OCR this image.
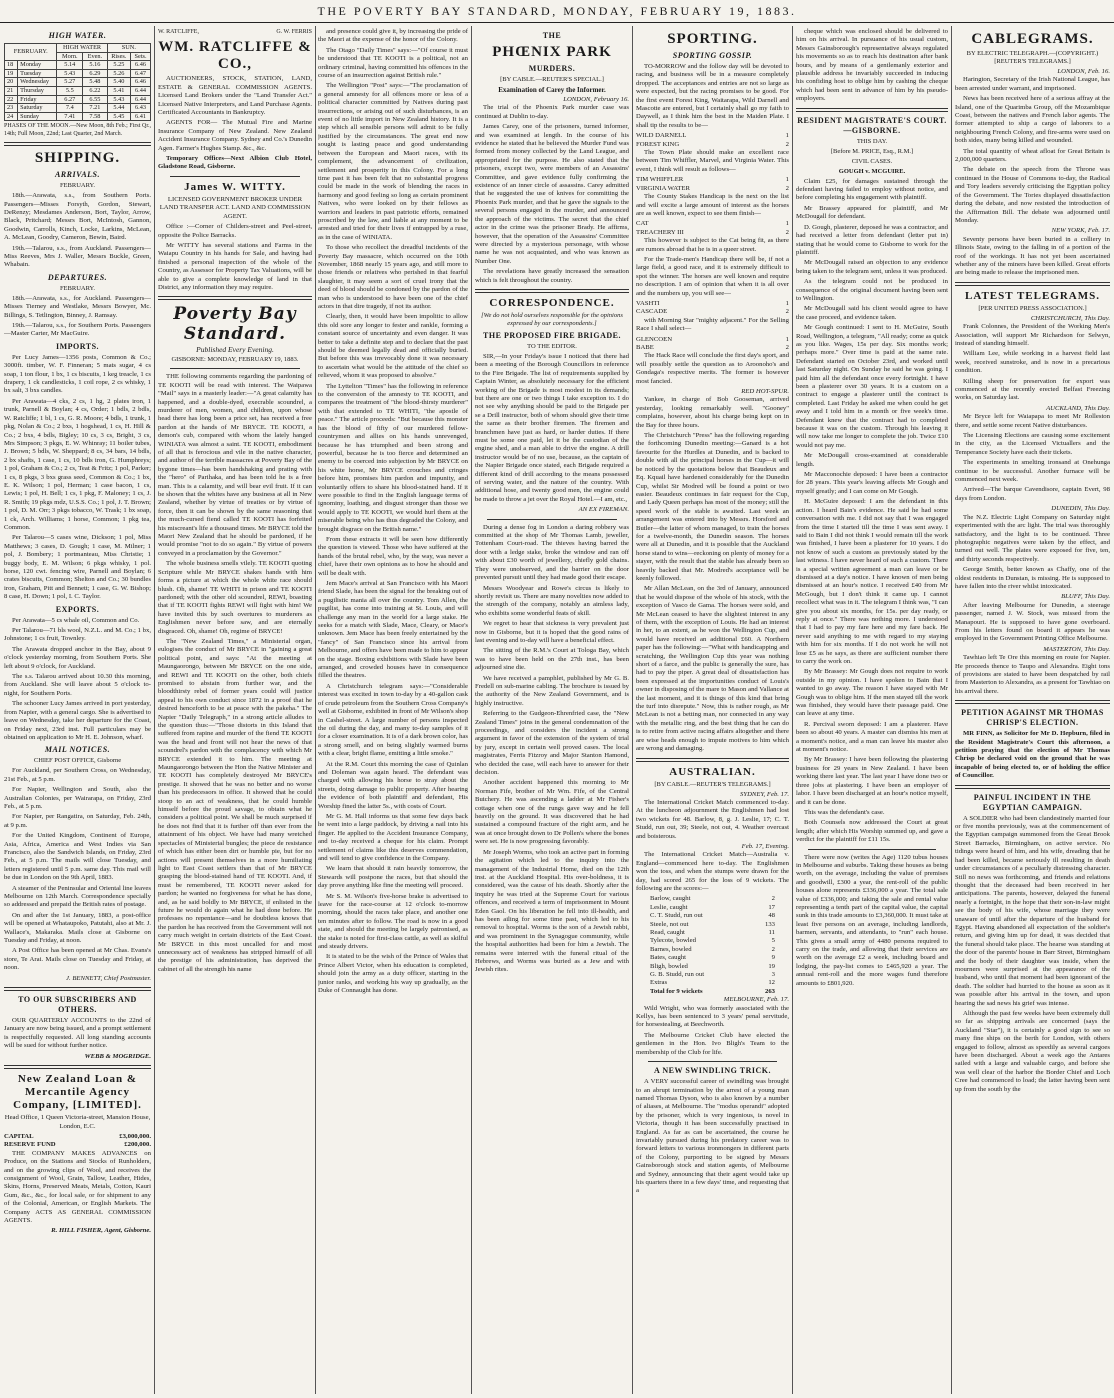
THE POVERTY BAY STANDARD, MONDAY, FEBRUARY 19, 1883.
HIGH WATER.
FEBRUARY.		HIGH WATER		SUN.	
		Morn.	Even.	Rises.	Sets.
18	Monday	5.14	5.16	5.25	6.46
19	Tuesday	5.43	6.29	5.26	6.47
20	Wednesday	5.27	5.48	5.40	6.46
21	Thursday	5.5	6.22	5.41	6.44
22	Friday	6.27	6.55	5.43	6.44
23	Saturday	7.4	7.21	5.44	6.43
24	Sunday	7.41	7.58	5.45	6.41

PHASES OF THE MOON.—New Moon, 8th Feb.; First Qr., 14th; Full Moon, 22nd; Last Quarter, 2nd March.

SHIPPING.
ARRIVALS.
FEBRUARY.

18th.—Arawata, s.s., from Southern Ports. Passengers—Misses Forsyth, Gordon, Stewart, DeRenzy; Mesdames Anderson, Bort, Taylor, Arrow, Black, Pritchard; Messrs Bort, McIntosh, Gannon, Goodwin, Carrolls, Kinch, Locke, Larkins, McLean, A. McLean, Goodry, Cameron, Bewin, Baird.

19th.—Talarou, s.s., from Auckland. Passengers—Miss Reeves, Mrs J. Waller, Messrs Buckle, Green, Whabain.

DEPARTURES.
FEBRUARY.

18th.—Arawata, s.s., for Auckland. Passengers—Misses Tierney and Westlake, Messrs Bowyer, Mc. Billings, S. Tetlington, Binney, J. Ramsay.

19th.—Talarou, s.s., for Southern Ports. Passengers—Master Carter, Mr MacGuire.

IMPORTS.

Per Lucy James—1356 posts, Common & Co.; 3000ft. timber, W. F. Finneran; 5 mats sugar, 4 cs soap, 1 ton flour, 1 bx, 1 cs biscuits, 1 keg treacle, 1 cs drapery, 1 ck candlesticks, 1 coil rope, 2 cs whisky, 1 bx salt, 3 bxs candles.

Per Arawata—4 cks, 2 cs, 1 hg, 2 plates iron, 1 trunk, Parnell & Boylan; 4 cs, Order; 1 bdls, 2 bdls, W. Ratcliffe; 1 bl, 1 cs, G. R. Moore; 4 bdls, 1 trunk, 1 pkg, Nolan & Co.; 2 bxs, 1 hogshead, 1 cs, H. Hill & Co.; 2 bxs, 4 bdls, Bigley; 10 cs, 3 cs, Bright, 3 cs, Mrs Simpson; 3 pkgs, E. W. Whinray; 11 boiler tubes, J. Brown; 5 bdls, W. Sheppard; 8 cs, 34 bars, 14 bdls, 2 bx shafts, 1 case, 1 cs, 10 bdls iron, G. Humphreys; 1 pol, Graham & Co.; 2 cs, Teat & Fritz; 1 pol, Parker; 1 cs, 8 pkgs, 3 bxs grass seed, Common & Co.; 1 bx, E. K. Wilson; 1 pol, Herman; 1 case bacon, 1 cs, Lewis; 1 pol, H. Bell; 1 cs, 1 pkg, F. Maloney; 1 cs, J. R. Smith; 19 pkgs mdz, U.S.S. Co.; 1 pol, J. T. Brown; 1 pol, D. M. Orr; 3 pkgs tobacco, W. Trask; 1 bx soap, 1 ck, Arch. Williams; 1 horse, Common; 1 pkg tea, Common.

Per Talarou—5 cases wine, Dickson; 1 pol, Miss Matthews; 3 cases, D. Gough; 1 case, M. Milner; 1 pol, J. Bombery; 1 portmanteau, Miss Christie; 1 buggy body, E. M. Wilson; 6 pkgs whisky, 1 pol. horse, 120 cwt. fencing wire, Parnell and Boylan; 6 crates biscuits, Common; Shelton and Co.; 30 bundles iron, Graham, Pitt and Bennett; 1 case, G. W. Bishop; 8 case, H. Down; 1 pol, I. C. Taylor.

EXPORTS.

Per Arawata—5 cs whale oil, Common and Co.

Per Talarou—71 bls wool, N.Z.L. and M. Co.; 1 bx, Johnstone; 1 cs fruit, Townley.

The Arawata dropped anchor in the Bay, about 9 o'clock yesterday morning, from Southern Ports. She left about 9 o'clock, for Auckland.

The s.s. Talarou arrived about 10.30 this morning, from Auckland. She will leave about 5 o'clock to-night, for Southern Ports.

The schooner Lucy James arrived in port yesterday, from Napier, with a general cargo. She is advertised to leave on Wednesday, take her departure for the Coast, on Friday next, 23rd inst. Full particulars may be obtained on application to Mr H. E. Johnson, wharf.

MAIL NOTICES.
CHIEF POST OFFICE, Gisborne

For Auckland, per Southern Cross, on Wednesday, 21st Feb., at 5 p.m.

For Napier, Wellington and South, also the Australian Colonies, per Wairarapa, on Friday, 23rd Feb., at 5 p.m.

For Napier, per Rangatira, on Saturday, Feb. 24th, at 9 p.m.

For the United Kingdom, Continent of Europe, Asia, Africa, America and West Indies via San Francisco, also the Sandwich Islands, on Friday, 23rd Feb., at 5 p.m. The mails will close Tuesday, and letters registered until 5 p.m. same day. This mail will be due in London on the 9th April, 1883.

A steamer of the Peninsular and Oriental line leaves Melbourne on 12th March. Correspondence specially so addressed and prepaid the British rates of postage.

On and after the 1st January, 1883, a post-office will be opened at Whataupoko, Patutahi, also at Mr. J. Wallace's, Makaraka. Mails close at Gisborne on Tuesday and Friday, at noon.

A Post Office has been opened at Mr Chas. Evans's store, Te Arai. Mails close on Tuesday and Friday, at noon.

J. BENNETT, Chief Postmaster.
TO OUR SUBSCRIBERS AND OTHERS.

OUR QUARTERLY ACCOUNTS to the 22nd of January are now being issued, and a prompt settlement is respectfully requested. All long standing accounts will be sued for without further notice.

WEBB & MOGRIDGE.
New Zealand Loan & Mercantile Agency Company, [LIMITED].

Head Office, 1 Queen Victoria-street, Mansion House, London, E.C.

CAPITAL	£3,000,000.
RESERVE FUND	£200,000.

THE COMPANY MAKES ADVANCES on Produce, on the Stations and Stocks of Runholders, and on the growing clips of Wool, and receives the consignment of Wool, Grain, Tallow, Leather, Hides, Skins, Horns, Preserved Meats, Metals, Cotton, Kauri Gum, &c., &c., for local sale, or for shipment to any of the Colonial, American, or English Markets. The Company ACTS AS GENERAL COMMISSION AGENTS.

R. HILL FISHER, Agent, Gisborne.
W. RATCLIFFE,	G. W. FERRIS
WM. RATCLIFFE & CO.,

AUCTIONEERS, STOCK, STATION, LAND, ESTATE & GENERAL COMMISSION AGENTS. Licensed Land Brokers under the "Land Transfer Act." Licensed Native Interpreters, and Land Purchase Agents. Certificated Accountants in Bankruptcy.

AGENTS FOR— The Mutual Fire and Marine Insurance Company of New Zealand. New Zealand Accident Insurance Company. Sydney and Co.'s Dunedin Agen. Farmer's Hughes Stamp. &c., &c.

Temporary Offices—Next Albion Club Hotel, Gladstone Road, Gisborne.

James W. WITTY.

LICENSED GOVERNMENT BROKER UNDER LAND TRANSFER ACT. LAND AND COMMISSION AGENT.

Office :—Corner of Childers-street and Peel-street, opposite the Police Barracks.

Mr WITTY has several stations and Farms in the Waiapu Country in his hands for Sale, and having had finished a personal inspection of the whole of the Country, as Assessor for Property Tax Valuations, will be able to give a complete knowledge of land in that District, any information they may require.

Poverty Bay Standard.
Published Every Evening.
GISBORNE: MONDAY, FEBRUARY 19, 1883.

THE following comments regarding the pardoning of TE KOOTI will be read with interest. The Waipawa "Mail" says in a masterly leader:—"A great calamity has happened, and a double-dyed, execrable scoundrel, a murderer of men, women, and children, upon whose head there has long been a price set, has received a free pardon at the hands of Mr BRYCE. TE KOOTI, a demon's cub, compared with whom the lately hanged WINIATA was almost a saint. TE KOOTI, embodiment of all that is ferocious and vile in the native character, and author of the terrible massacres at Poverty Bay of the bygone times—has been handshaking and prating with the "hero" of Parihaka, and has been told he is a free man. This is a calamity, and will bear evil fruit. If it can be shown that the whites have any business at all in New Zealand, whether by virtue of treaties or by virtue of force, then it can be shown by the same reasoning that the much-cursed fiend called TE KOOTI has forfeited his miscreant's life a thousand times. Mr BRYCE told the Maori New Zealand that he should be pardoned, if he would promise "not to do so again." By virtue of powers conveyed in a proclamation by the Governor."

The whole business smells vilely. TE KOOTI quoting Scripture while Mr BRYCE shakes hands with him forms a picture at which the whole white race should blush. Oh, shame! TE WHITI in prison and TE KOOTI pardoned; with the other old scoundrel, REWI, boasting that if TE KOOTI fights REWI will fight with him! We have invited this by such overtures to murderers as Englishmen never before saw, and are eternally disgraced. Oh, shame! Oh, regime of BRYCE!

The "New Zealand Times," a Ministerial organ, eulogises the conduct of Mr BRYCE in "gaining a great political point, and says: "At the meeting at Maungaorongo, between Mr BRYCE on the one side, and REWI and TE KOOTI on the other, both chiefs promised to abstain from further war, and the bloodthirsty rebel of former years could will justice appeal to his own conduct since 1872 in a proof that he desired henceforth to be at peace with the pakeha." The Napier "Daily Telegraph," in a strong article alludes to the question thus:—"Those distorts in this Island that suffered from rapine and murder of the fiend TE KOOTI was the head and front will not hear the news of that scoundrel's pardon with the complacency with which Mr BRYCE extended it to him. The meeting at Maungaorongo between the Hon the Native Minister and TE KOOTI has completely destroyed Mr BRYCE's prestige. It showed that he was no better and no worse than his predecessors in office. It showed that he could stoop to an act of weakness, that he could humble himself before the proud savage, to obtain what he considers a political point. We shall be much surprised if he does not find that it is further off than ever from the attainment of his object. We have had many wretched spectacles of Ministerial bungles; the piece de resistance of which has either been dirt or humble pie, but for no actions will present themselves in a more humiliating light to East Coast settlers than that of Mr BRYCE grasping the blood-stained hand of TE KOOTI. And, if must be remembered, TE KOOTI never asked for pardon; he wanted no forgiveness for what he has done, and, as he said boldly to Mr BRYCE, if enlisted in the future he would do again what he had done before. He professes no repentance—and he doubtless knows that the pardon he has received from the Government will not carry much weight in certain districts of the East Coast. Mr BRYCE in this most uncalled for and most unnecessary act of weakness has stripped himself of all the prestige of his administration, has deprived the cabinet of all the strength his name

and presence could give it, by increasing the pride of the Maori at the expense of the honor of the Colony.

The Otago "Daily Times" says:—"Of course it must be understood that TE KOOTI is a political, not an ordinary criminal, having committed his offences in the course of an insurrection against British rule."

The Wellington "Post" says:—"The proclamation of a general amnesty for all offences more or less of a political character committed by Natives during past insurrections, or arising out of such disturbances, is an event of no little import in New Zealand history. It is a step which all sensible persons will admit to be fully justified by the circumstances. The great end now sought is lasting peace and good understanding between the European and Maori races, with its complement, the advancement of civilization, settlement and prosperity in this Colony. For a long time past it has been felt that no substantial progress could be made in the work of blending the races in harmony and good feeling so long as certain prominent Natives, who were looked on by their fellows as warriors and leaders in past patriotic efforts, remained proscribed by the law, and liable at any moment to be arrested and tried for their lives if entrapped by a ruse, as in the case of WINIATA.

To those who recollect the dreadful incidents of the Poverty Bay massacre, which occurred on the 10th November, 1868 nearly 15 years ago, and still more to those friends or relatives who perished in that fearful slaughter, it may seem a sort of cruel irony that the deed of blood should be condoned by the pardon of the man who is understood to have been one of the chief actors in that dire tragedy, if not its author.

Clearly, then, it would have been impolitic to allow this old sore any longer to fester and rankle, forming a constant source of uncertainty and even danger. It was better to take a definite step and to declare that the past should be deemed legally dead and officially buried. But before this was irrevocably done it was necessary to ascertain what would be the attitude of the chief so relieved, whom it was proposed to absolve."

The Lyttelton "Times" has the following in reference to the conversion of the amnesty to TE KOOTI, and compares the treatment of "the blood-thirsty murderer" with that extended to TE WHITI, "the apostle of peace." The article proceeds: "But because this monster has the blood of fifty of our murdered fellow-countrymen and allies on his hands unrevenged, because he has triumphed and been strong and powerful, because he is too fierce and determined an enemy to be coerced into subjection by Mr BRYCE on his white horse, Mr BRYCE crouches and cringes before him, promises him pardon and impunity, and voluntarily offers to share his blood-stained hand. If it were possible to find in the English language terms of ignominy, loathing, and disgust stronger than those we would apply to TE KOOTI, we would hurl them at the miserable being who has thus degraded the Colony, and brought disgrace on the British name."

From these extracts it will be seen how differently the question is viewed. Those who have suffered at the hands of the brutal rebel, who, by the way, was never a chief, have their own opinions as to how he should and will be dealt with.

Jem Mace's arrival at San Francisco with his Maori friend Slade, has been the signal for the breaking out of a pugilistic mania all over the country. Tom Allen, the pugilist, has come into training at St. Louis, and will challenge any man in the world for a large stake. He seeks for a match with Slade, Mace, Cleary, or Mace's unknown. Jem Mace has been freely entertained by the "fancy" of San Francisco since his arrival from Melbourne, and offers have been made to him to appear on the stage. Boxing exhibitions with Slade have been arranged, and crowded houses have in consequence filled the theatres.

A Christchurch telegram says:—"Considerable interest was excited in town to-day by a 40-gallon cask of crude petroleum from the Southern Cross Company's well at Gisborne, exhibited in front of Mr Wilson's shop in Cashel-street. A large number of persons inspected the oil during the day, and many to-day samples of it for a closer examination. It is of a dark brown color, has a strong smell, and on being slightly warmed burns with a clear, bright flame, emitting a little smoke."

At the R.M. Court this morning the case of Quinlan and Doleman was again heard. The defendant was charged with allowing his horse to stray about the streets, doing damage to public property. After hearing the evidence of both plaintiff and defendant, His Worship fined the latter 5s., with costs of Court.

Mr G. M. Hall informs us that some few days back he went into a large paddock, by driving a nail into his finger. He applied to the Accident Insurance Company, and to-day received a cheque for his claim. Prompt settlement of claims like this deserves commendation, and will tend to give confidence in the Company.

We learn that should it rain heavily tomorrow, the Stewards will postpone the races, but that should the day prove anything like fine the meeting will proceed.

Mr S. M. Wilson's five-horse brake is advertised to leave for the race-course at 12 o'clock to-morrow morning, should the races take place, and another one ten minutes after to follow. The road is now in a good state, and should the meeting be largely patronised, as the stake is noted for first-class cattle, as well as skilful and steady drivers.

It is stated to be the wish of the Prince of Wales that Prince Albert Victor, when his education is completed, should join the army as a duty officer, starting in the junior ranks, and working his way up gradually, as the Duke of Connaught has done.

THE
PHŒNIX PARK
MURDERS.
[BY CABLE.—REUTER'S SPECIAL.]
Examination of Carey the Informer.
LONDON, February 16.

The trial of the Phoenix Park murder case was continued at Dublin to-day.

James Carey, one of the prisoners, turned informer, and was examined at length. In the course of his evidence he stated that he believed the Murder Fund was formed from money collected by the Land League, and appropriated for the purpose. He also stated that the prisoners, except two, were members of an Assassins' Committee, and gave evidence fully confirming the existence of an inner circle of assassins. Carey admitted that he suggested the use of knives for committing the Phoenix Park murder, and that he gave the signals to the several persons engaged in the murder, and announced the approach of the victims. The secret that the chief actor in the crime was the prisoner Brady. He affirms, however, that the operation of the Assassins' Committee were directed by a mysterious personage, with whose name he was not acquainted, and who was known as Number One.

The revelations have greatly increased the sensation which is felt throughout the country.

CORRESPONDENCE.
[We do not hold ourselves responsible for the opinions expressed by our correspondents.]
THE PROPOSED FIRE BRIGADE.
TO THE EDITOR.

SIR,—In your Friday's issue I noticed that there had been a meeting of the Borough Councillors in reference to the Fire Brigade. The list of requirements supplied by Captain Winter, as absolutely necessary for the efficient working of the Brigade is most modest in its demands; but there are one or two things I take exception to. I do not see why anything should be paid to the Brigade per se a Drill instructor, both of whom should give their time the same as their brother firemen. The firemen and branchmen have just as hard, or harder duties. If there must be some one paid, let it be the custodian of the engine shed, and a man able to drive the engine. A drill instructor would be of no use, because, as the captain of the Napier Brigade once stated, each Brigade required a different kind of drill according to the means possessed of serving water, and the nature of the country. With additional hose, and twenty good men, the engine could be made to throw a jet over the Royal Hotel.—I am, etc.,

AN EX FIREMAN.

During a dense fog in London a daring robbery was committed at the shop of Mr Thomas Lamb, jeweller, Tottenham Court-road. The thieves having barred the door with a ledge stake, broke the window and ran off with about £30 worth of jewellery, chiefly gold chains. They were unobserved, and the barrier on the door prevented pursuit until they had made good their escape.

Messrs Woodyear and Rowe's circus is likely to shortly revisit us. There are many novelties now added to the strength of the company, notably an aimless lady, who exhibits some wonderful feats of skill.

We regret to hear that sickness is very prevalent just now in Gisborne, but it is hoped that the good rains of last evening and to-day will have a beneficial effect.

The sitting of the R.M.'s Court at Tologa Bay, which was to have been held on the 27th inst., has been adjourned sine die.

We have received a pamphlet, published by Mr G. B. Fredell on sub-marine cabling. The brochure is issued by the authority of the New Zealand Government, and is highly instructive.

Referring to the Gudgeon-Ehrenfried case, the "New Zealand Times" joins in the general condemnation of the proceedings, and considers the incident a strong argument in favor of the extension of the system of trial by jury, except in certain well proved cases. The local magistrates, Ferris Fitzroy and Major Stanton Hamond, who decided the case, will each have to answer for their decision.

Another accident happened this morning to Mr Norman Fife, brother of Mr Wm. Fife, of the Central Butchery. He was ascending a ladder at Mr Fisher's cottage when one of the rungs gave way and he fell heavily on the ground. It was discovered that he had sustained a compound fracture of the right arm, and he was at once brought down to Dr Pollen's where the bones were set. He is now progressing favorably.

Mr Joseph Worms, who took an active part in forming the agitation which led to the inquiry into the management of the Industrial Home, died on the 12th inst. at the Auckland Hospital. His over-boldness, it is considered, was the cause of his death. Shortly after the inquiry he was tried at the Supreme Court for various offences, and received a term of imprisonment in Mount Eden Gaol. On his liberation he fell into ill-health, and has been ailing for some time past, which led to his removal to hospital. Worms is the son of a Jewish rabbi, and was prominent in the Synagogue community, while the hospital authorities had been for him a Jewish. The remains were interred with the funeral ritual of the Hebrews, and Worms was buried as a Jew and with Jewish rites.

SPORTING.
SPORTING GOSSIP.

TO-MORROW and the follow day will be devoted to racing, and business will be in a measure completely dropped. The acceptances and entries are not so large as were expected, but the racing promises to be good. For the first event Forest King, Waitarapa, Wild Darnell and Mascotte are entered, but I certainly shall go my faith to Daywell, as I think him the best in the Maiden Plate. I shall tip the results to be—

WILD DARNELL	1
FOREST KING	2

The Town Plate should make an excellent race between Tim Whiffler, Marvel, and Virginia Water. This event, I think will result as follows—

TIM WHIFFLER	1
VIRGINIA WATER	2

The County Stakes Handicap is the next on the list and will excite a large amount of interest as the horses are as well known, expect to see them finish—

CAT	1
TREACHERY III	2

This however is subject to the Cat being fit, as there are rumors abroad that he is in a queer street.

For the Trade-men's Handicap there will be, if not a large field, a good race, and it is extremely difficult to spot the winner. The horses are well known and require no description. I am of opinion that when it is all over and the numbers up, you will see—

VASHTI	1
CASCADE	2

with Morning Star "mighty adjacent." For the Selling Race I shall select—

GLENCOEN	1
BABE	2

The Hack Race will conclude the first day's sport, and will possibly settle the question as to Aroonoho's and Gondaga's respective merits. The former is however most fancied.

RED HOT-SPUR.

Yankee, in charge of Bob Gooseman, arrived yesterday, looking remarkably well. "Gooney" complains, however, about his charge being kept on in the Bay for three hours.

The Christchurch "Press" has the following regarding the forthcoming Dunedin meeting:—Ganard is a hot favourite for the Hurdles at Dunedin, and is backed to double with all the principal horses in the Cup—it will be noticed by the quotations below that Beaudeux and Eq. Kquail have hardened considerably for the Dunedin Cup, whilst Sir Modred will be found a point or two easier. Beaudeux continues in fair request for the Cup, and Lady Queen perhaps has most of the money; still the speed work of the stable is awaited. Last week an arrangement was entered into by Messrs. Horsford and Butler—the latter of whom managed, to train the horses for a twelve-month, the Dunedin season. The horses were all at Dunedin, and it is possible that the Auckland horse stand to wins—reckoning on plenty of money for a stayer, with the result that the stable has already been so heavily backed that Mr. Modred's acceptance will be keenly followed.

Mr Allan McLean, on the 3rd of January, announced that he would dispose of the whole of his stock, with the exception of Vasco de Gama. The horses were sold, and Mr McLean ceased to have the slightest interest in any of them, with the exception of Louis. He had an interest in her, to an extent, as he won the Wellington Cup, and would have received an additional £60. A Northern paper has the following:—"What with handicapping and scratching, the Wellington Cup this year was nothing short of a farce, and the public is generally the sure, has had to pay the piper. A great deal of dissatisfaction has been expressed at the importunities conduct of Louis's owner in disposing of the mare to Mason and Vallance at the last moment, and it is things of this kind that bring the turf into disrepute." Now, this is rather rough, as Mr McLean is not a betting man, nor connected in any way with the metallic ring, and the best thing that he can do is to retire from active racing affairs altogether and there are wise heads enough to impute motives to him which are wrong and damaging.

AUSTRALIAN.
[BY CABLE.—REUTER'S TELEGRAMS.]
SYDNEY, Feb. 17.

The International Cricket Match commenced to-day. At the luncheon adjournment the Englishmen had lost two wickets for 48. Barlow, 8, g. J. Leslie, 17; C. T. Studd, run out, 39; Steele, not out, 4. Weather overcast and boisterous.

Feb. 17, Evening.

The International Cricket Match—Australia v. England—commenced here to-day. The Englishmen won the toss, and when the stumps were drawn for the day, had scored 265 for the loss of 9 wickets. The following are the scores:—

Barlow, caught	2
Leslie, caught	17
C. T. Studd, run out	48
Steele, not out	133
Read, caught	11
Tylecote, bowled	5
Barnes, bowled	2
Bates, caught	9
Bligh, bowled	19
G. B. Studd, run out	3
Extras	12
Total for 9 wickets	263
MELBOURNE, Feb. 17.

Wild Wright, who was formerly associated with the Kellys, has been sentenced to 3 years' penal servitude, for horsestealing, at Beechworth.

The Melbourne Cricket Club have elected the gentlemen in the Hon. Ivo Bligh's Team to the membership of the Club for life.

A NEW SWINDLING TRICK.

A VERY successful career of swindling was brought to an abrupt termination by the arrest of a young man named Thomas Dyson, who is also known by a number of aliases, at Melbourne. The "modus operandi" adopted by the prisoner, which is very ingenious, is novel in Victoria, though it has been successfully practised in England. As far as can be ascertained, the course he invariably pursued during his predatory career was to forward letters to various ironmongers in different parts of the Colony, purporting to be signed by Messrs Gainsborough stock and station agents, of Melbourne and Sydney, announcing that their agent would take up his quarters there in a few days' time, and requesting that a

cheque which was enclosed should be delivered to him on his arrival. In pursuance of his usual custom, Messrs Gainsborough's representative always regulated his movements so as to reach his destination after bank hours, and by means of a gentlemanly exterior and plausible address he invariably succeeded in inducing his confiding host to oblige him by cashing the cheque which had been sent in advance of him by his pseudo-employers.

RESIDENT MAGISTRATE'S COURT.—GISBORNE.
THIS DAY.
[Before M. PRICE, Esq., R.M.]
CIVIL CASES.
GOUGH v. MCGUIRE.

Claim £25, for damages sustained through the defendant having failed to employ without notice, and before completing his engagement with plaintiff.

Mr Brassey appeared for plaintiff, and Mr McDougall for defendant.

D. Gough, plasterer, deposed he was a contractor, and had received a letter from defendant (letter put in) stating that he would come to Gisborne to work for the plaintiff.

Mr McDougall raised an objection to any evidence being taken to the telegram sent, unless it was produced.

As the telegram could not be produced in consequence of the original document having been sent to Wellington.

Mr McDougall said his client would agree to have the case proceed, and evidence taken.

Mr Gough continued: I sent to H. McGuire, South Road, Wellington, a telegram, "All ready; come as quick as you like. Wages, 15s per day. Six months work; perhaps more." Over time is paid at the same rate. Defendant started on October 23rd, and worked until last Saturday night. On Sunday he said he was going. I paid him all the defendant once every fortnight. I have been a plasterer over 30 years. It is a custom on a contract to engage a plasterer until the contract is completed. Last Friday he asked me when could he get away and I told him in a month or five week's time. Defendant knew that the contract had to completed because it was on the custom. Through his leaving it will now take me longer to complete the job. Twice £10 would not pay me.

Mr McDougall cross-examined at considerable length.

Mr Macconochie deposed: I have been a contractor for 28 years. This year's leaving affects Mr Gough and myself greatly; and I can come on Mr Gough.

H. McGuire deposed: I am the defendant in this action. I heard Bain's evidence. He said he had some conversation with me. I did not say that I was engaged from the time I started till the time I was sent away. I said to Bain I did not think I would remain till the work was finished, I have been a plasterer for 10 years. I do not know of such a custom as previously stated by the last witness. I have never heard of such a custom. There is a special written agreement a man can leave or be dismissed at a day's notice. I have known of men being dismissed at an hour's notice. I received £40 from Mr McGough, but I don't think it came up. I cannot recollect what was in it. The telegram I think was, "I can give you about six months, for 15s. per day ready, or reply at once." There was nothing more. I understood that I had to pay my fare here and my fare back. He never said anything to me with regard to my staying with him for six months. If I do not work he will not lose £5 as he says, as there are sufficient number there to carry the work on.

By Mr Brassey: Mr Gough does not require to work outside in my opinion. I have spoken to Bain that I wanted to go away. The reason I have stayed with Mr Gough was to oblige him. If the men stayed till the work was finished, they would have their passage paid. One can leave at any time.

R. Percival sworn deposed: I am a plasterer. Have been so about 40 years. A master can dismiss his men at a moment's notice, and a man can leave his master also at moment's notice.

By Mr Brassey: I have been following the plastering business for 29 years in New Zealand. I have been working there last year. The last year I have done two or three jobs at plastering. I have been an employer of labor. I have been discharged at an hour's notice myself, and it can be done.

This was the defendant's case.

Both Counsels now addressed the Court at great length; after which His Worship summed up, and gave a verdict for the plaintiff for £11 15s.

There were now (writes the Age) 1120 tubus houses in Melbourne and suburbs. Taking these houses as being worth, on the average, including the value of premises and goodwill, £300 a year, the rent-roll of the public houses alone represents £336,000 a year. The total sale value of £336,000; and taking the sale and rental value representing a tenth part of the capital value, the capital sunk in this trade amounts to £3,360,000. It must take at least five persons on an average, including landlords, barmen, servants, and attendants, to "run" each house. This gives a small army of 4480 persons required to carry on the trade, and allowing that their services are worth on the average £2 a week, including board and lodging, the pay-list comes to £465,920 a year. The annual rent-roll and the more wages fund therefore amounts to £801,920.

CABLEGRAMS.
BY ELECTRIC TELEGRAPH.—(COPYRIGHT.) [REUTER'S TELEGRAMS.]
LONDON, Feb. 16.

Harington, Secretary of the Irish National League, has been arrested under warrant, and imprisoned.

News has been received here of a serious affray at the Island, one of the Quarimba Group, off the Mozambique Coast, between the natives and French labor agents. The former attempted to ship a cargo of laborers to a neighbouring French Colony, and fire-arms were used on both sides, many being killed and wounded.

The total quantity of wheat afloat for Great Britain is 2,000,000 quarters.

The debate on the speech from the Throne was continued in the House of Commons to-day, the Radical and Tory leaders severely criticising the Egyptian policy of the Government. The Tories displayed dissatisfaction during the debate, and now resisted the introduction of the Affirmation Bill. The debate was adjourned until Monday.

NEW YORK, Feb. 17.

Seventy persons have been buried in a colliery in Illinois State, owing to the falling in of a portion of the roof of the workings. It has not yet been ascertained whether any of the miners have been killed. Great efforts are being made to release the imprisoned men.

LATEST TELEGRAMS.
[PER UNITED PRESS ASSOCIATION.]
CHRISTCHURCH, This Day.

Frank Colonnes, the President of the Working Men's Association, will support Mr Richardson for Selwyn, instead of standing himself.

William Lee, while working in a harvest field last week, received sunstroke, and is now in a precarious condition.

Killing sheep for preservation for export was commenced at the recently erected Belfast Freezing works, on Saturday last.

AUCKLAND, This Day.

Mr Bryce left for Waiapapa to meet Mr Rolleston there, and settle some recent Native disturbances.

The Licensing Elections are causing some excitement in the city, as the Licensed Victuallers and the Temperance Society have each their tickets.

The experiments in smelting ironsand at Onehunga continue to be successful. Another furnace will be commenced next week.

Arrived—The barque Cavendisore, captain Evert, 98 days from London.

DUNEDIN, This Day.

The N.Z. Electric Light Company on Saturday night experimented with the arc light. The trial was thoroughly satisfactory, and the light is to be continued. Three photographic negatives were taken by the effect, and turned out well. The plates were exposed for five, ten, and thirty seconds respectively.

George Smith, better known as Chaffy, one of the oldest residents in Dunstan, is missing. He is supposed to have fallen into the river whilst intoxicated.

BLUFF, This Day.

After leaving Melbourne for Dunedin, a steerage passenger, named J. W. Stock, was missed from the Manapouri. He is supposed to have gone overboard. From his letters found on board it appears he was employed in the Government Printing Office Melbourne.

MASTERTON, This Day.

Tawhiao left Te Ore this morning en route for Napier. He proceeds thence to Taupo and Alexandra. Eight tons of provisions are stated to have been despatched by rail from Masterton to Alexandra, as a present for Tawhiao on his arrival there.

PETITION AGAINST MR THOMAS CHRISP'S ELECTION.

MR FINN, as Solicitor for Mr D. Hepburn, filed in the Resident Magistrate's Court this afternoon, a petition praying that the election of Mr Thomas Chrisp be declared void on the ground that he was incapable of being elected to, or of holding the office of Councillor.

PAINFUL INCIDENT IN THE EGYPTIAN CAMPAIGN.

A SOLDIER who had been clandestinely married four or five months previously, was at the commencement of the Egyptian campaign summoned from the Great Brook Street Barracks, Birmingham, on active service. No tidings were heard of him, and his wife, dreading that he had been killed, became seriously ill resulting in death under circumstances of a peculiarly distressing character. Still no news was forthcoming, and friends and relations thought that the deceased had been received in her anticipations. The parents, however, delayed the funeral nearly a fortnight, in the hope that their son-in-law might see the body of his wife, whose marriage they were unaware of until after the departure of the husband for Egypt. Having abandoned all expectation of the soldier's return, and giving him up for dead, it was decided that the funeral should take place. The hearse was standing at the door of the parents' house in Barr Street, Birmingham and the body of their daughter was inside, when the mourners were surprised at the appearance of the husband, who until that moment had been ignorant of the death. The soldier had hurried to the house as soon as it was possible after his arrival in the town, and upon hearing the sad news his grief was intense.

Although the past few weeks have been extremely dull so far as shipping arrivals are concerned (says the Auckland "Star"), it is certainly a good sign to see so many fine ships on the berth for London, with others engaged to follow, almost as speedily as several cargoes have been discharged. About a week ago the Antares sailed with a large and valuable cargo, and before she was well clear of the harbor the Border Chief and Loch Cree had commenced to load; the latter having been sent up from the south by the
